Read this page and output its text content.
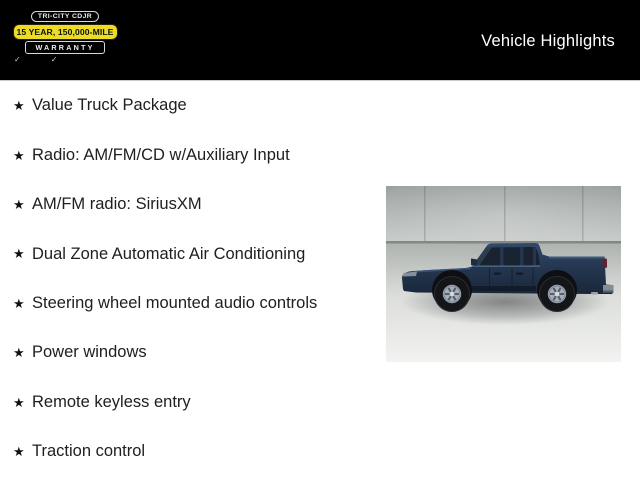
TRI-CITY CDJR
15 YEAR, 150,000-MILE
WARRANTY
✓	✓
Vehicle Highlights
★ Value Truck Package
★ Radio: AM/FM/CD w/Auxiliary Input
★ AM/FM radio: SiriusXM
★ Dual Zone Automatic Air Conditioning
★ Steering wheel mounted audio controls
★ Power windows
★ Remote keyless entry
★ Traction control
